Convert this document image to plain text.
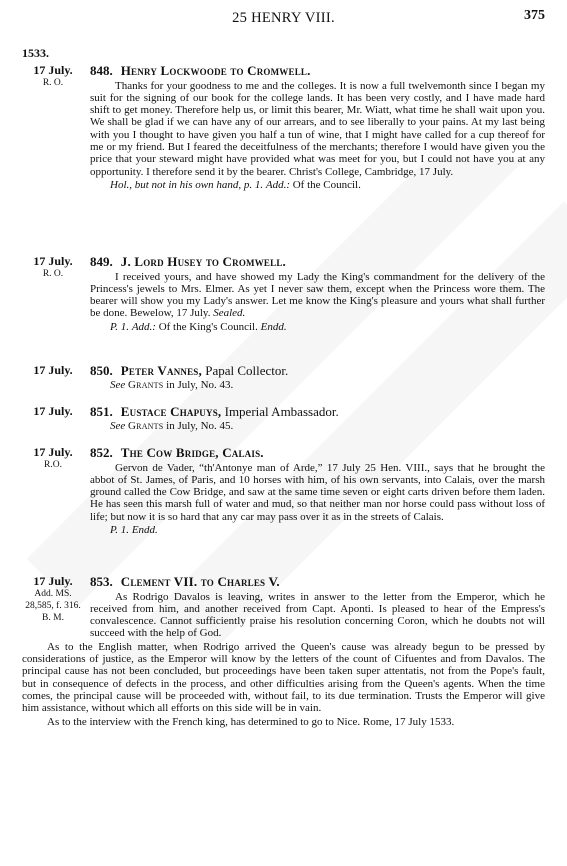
25 HENRY VIII.	375
1533.
17 July.
R. O.
848. Henry Lockwoode to Cromwell.

Thanks for your goodness to me and the colleges. It is now a full twelvemonth since I began my suit for the signing of our book for the college lands. It has been very costly, and I have made hard shift to get money. Therefore help us, or limit this bearer, Mr. Wiatt, what time he shall wait upon you. We shall be glad if we can have any of our arrears, and to see liberally to your pains. At my last being with you I thought to have given you half a tun of wine, that I might have called for a cup thereof for me or my friend. But I feared the deceitfulness of the merchants; therefore I would have given you the price that your steward might have provided what was meet for you, but I could not have you at any opportunity. I therefore send it by the bearer. Christ's College, Cambridge, 17 July.

Hol., but not in his own hand, p. 1. Add.: Of the Council.
17 July.
R. O.
849. J. Lord Husey to Cromwell.

I received yours, and have showed my Lady the King's commandment for the delivery of the Princess's jewels to Mrs. Elmer. As yet I never saw them, except when the Princess wore them. The bearer will show you my Lady's answer. Let me know the King's pleasure and yours what shall further be done. Bewelow, 17 July. Sealed.

P. 1. Add.: Of the King's Council. Endd.
17 July.	850. Peter Vannes, Papal Collector.
See Grants in July, No. 43.
17 July.	851. Eustace Chapuys, Imperial Ambassador.
See Grants in July, No. 45.
17 July.
R.O.
852. The Cow Bridge, Calais.

Gervon de Vader, “th'Antonye man of Arde,” 17 July 25 Hen. VIII., says that he brought the abbot of St. James, of Paris, and 10 horses with him, of his own servants, into Calais, over the marsh ground called the Cow Bridge, and saw at the same time seven or eight carts driven before them laden. He has seen this marsh full of water and mud, so that neither man nor horse could pass without loss of life; but now it is so hard that any car may pass over it as in the streets of Calais.

P. 1. Endd.
17 July.
Add. MS.
28,585, f. 316.
B. M.
853. Clement VII. to Charles V.

As Rodrigo Davalos is leaving, writes in answer to the letter from the Emperor, which he received from him, and another received from Capt. Aponti. Is pleased to hear of the Empress's convalescence. Cannot sufficiently praise his resolution concerning Coron, which he doubts not will succeed with the help of God.

As to the English matter, when Rodrigo arrived the Queen's cause was already begun to be pressed by considerations of justice, as the Emperor will know by the letters of the count of Cifuentes and from Davalos. The principal cause has not been concluded, but proceedings have been taken super attentatis, not from the Pope's fault, but in consequence of defects in the process, and other difficulties arising from the Queen's agents. When the time comes, the principal cause will be proceeded with, without fail, to its due termination. Trusts the Emperor will give him assistance, without which all efforts on this side will be in vain.

As to the interview with the French king, has determined to go to Nice. Rome, 17 July 1533.
